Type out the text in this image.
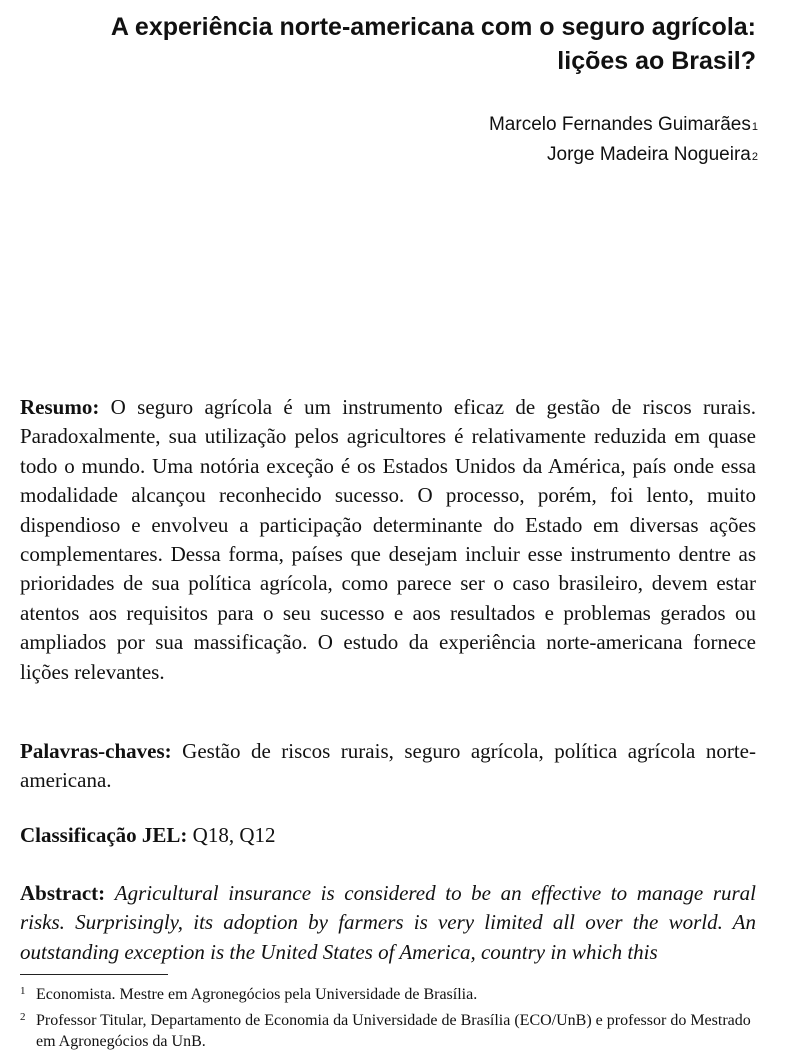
A experiência norte-americana com o seguro agrícola:
lições ao Brasil?
Marcelo Fernandes Guimarães$^1$
Jorge Madeira Nogueira$^2$

Resumo: O seguro agrícola é um instrumento eficaz de gestão de riscos rurais. Paradoxalmente, sua utilização pelos agricultores é relativamente reduzida em quase todo o mundo. Uma notória exceção é os Estados Unidos da América, país onde essa modalidade alcançou reconhecido sucesso. O processo, porém, foi lento, muito dispendioso e envolveu a participação determinante do Estado em diversas ações complementares. Dessa forma, países que desejam incluir esse instrumento dentre as prioridades de sua política agrícola, como parece ser o caso brasileiro, devem estar atentos aos requisitos para o seu sucesso e aos resultados e problemas gerados ou ampliados por sua massificação. O estudo da experiência norte-americana fornece lições relevantes.

Palavras-chaves: Gestão de riscos rurais, seguro agrícola, política agrícola norte-americana.

Classificação JEL: Q18, Q12

Abstract: Agricultural insurance is considered to be an effective to manage rural risks. Surprisingly, its adoption by farmers is very limited all over the world. An outstanding exception is the United States of America, country in which this

1 Economista. Mestre em Agronegócios pela Universidade de Brasília.
2 Professor Titular, Departamento de Economia da Universidade de Brasília (ECO/UnB) e professor do Mestrado em Agronegócios da UnB.
